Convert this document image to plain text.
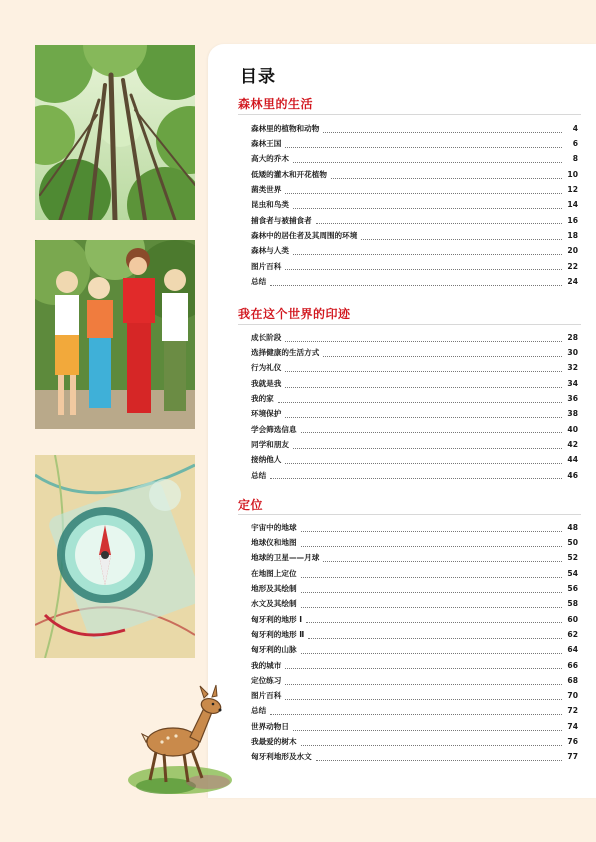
目录
森林里的生活
森林里的植物和动物	4
森林王国	6
高大的乔木	8
低矮的灌木和开花植物	10
菌类世界	12
昆虫和鸟类	14
捕食者与被捕食者	16
森林中的居住者及其周围的环境	18
森林与人类	20
图片百科	22
总结	24
我在这个世界的印迹
成长阶段	28
选择健康的生活方式	30
行为礼仪	32
我就是我	34
我的家	36
环境保护	38
学会筛选信息	40
同学和朋友	42
接纳他人	44
总结	46
定位
宇宙中的地球	48
地球仪和地图	50
地球的卫星——月球	52
在地图上定位	54
地形及其绘制	56
水文及其绘制	58
匈牙利的地形 Ⅰ	60
匈牙利的地形 Ⅱ	62
匈牙利的山脉	64
我的城市	66
定位练习	68
图片百科	70
总结	72
世界动物日	74
我最爱的树木	76
匈牙利地形及水文	77
